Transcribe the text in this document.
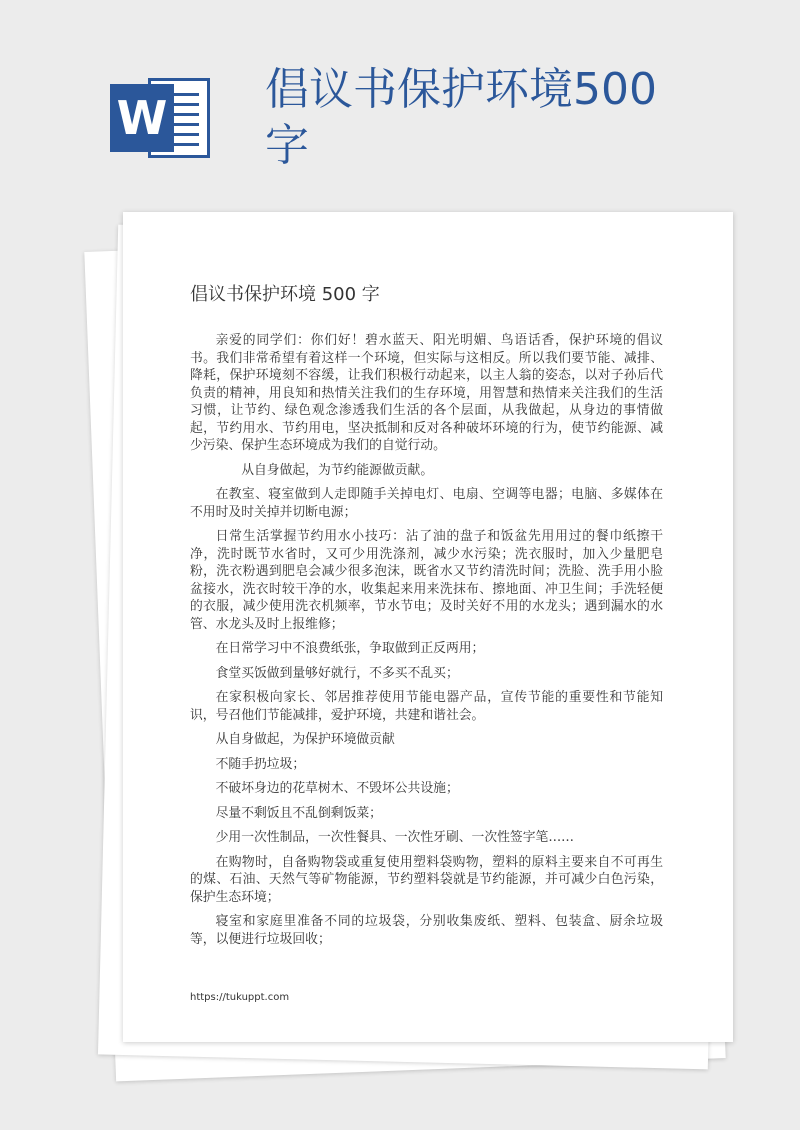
W
倡议书保护环境500字
倡议书保护环境 500 字

亲爱的同学们：你们好！碧水蓝天、阳光明媚、鸟语话香，保护环境的倡议书。我们非常希望有着这样一个环境，但实际与这相反。所以我们要节能、减排、降耗，保护环境刻不容缓，让我们积极行动起来，以主人翁的姿态，以对子孙后代负责的精神，用良知和热情关注我们的生存环境，用智慧和热情来关注我们的生活习惯，让节约、绿色观念渗透我们生活的各个层面，从我做起，从身边的事情做起，节约用水、节约用电，坚决抵制和反对各种破坏环境的行为，使节约能源、减少污染、保护生态环境成为我们的自觉行动。

从自身做起，为节约能源做贡献。

在教室、寝室做到人走即随手关掉电灯、电扇、空调等电器；电脑、多媒体在不用时及时关掉并切断电源；

日常生活掌握节约用水小技巧：沾了油的盘子和饭盆先用用过的餐巾纸擦干净，洗时既节水省时，又可少用洗涤剂，减少水污染；洗衣服时，加入少量肥皂粉，洗衣粉遇到肥皂会减少很多泡沫，既省水又节约清洗时间；洗脸、洗手用小脸盆接水，洗衣时较干净的水，收集起来用来洗抹布、擦地面、冲卫生间；手洗轻便的衣服，减少使用洗衣机频率，节水节电；及时关好不用的水龙头；遇到漏水的水管、水龙头及时上报维修；

在日常学习中不浪费纸张，争取做到正反两用；

食堂买饭做到量够好就行，不多买不乱买；

在家积极向家长、邻居推荐使用节能电器产品，宣传节能的重要性和节能知识，号召他们节能减排，爱护环境，共建和谐社会。

从自身做起，为保护环境做贡献

不随手扔垃圾；

不破坏身边的花草树木、不毁坏公共设施；

尽量不剩饭且不乱倒剩饭菜；

少用一次性制品，一次性餐具、一次性牙刷、一次性签字笔……

在购物时，自备购物袋或重复使用塑料袋购物，塑料的原料主要来自不可再生的煤、石油、天然气等矿物能源，节约塑料袋就是节约能源，并可减少白色污染，保护生态环境；

寝室和家庭里准备不同的垃圾袋，分别收集废纸、塑料、包装盒、厨余垃圾等，以便进行垃圾回收；

https://tukuppt.com
